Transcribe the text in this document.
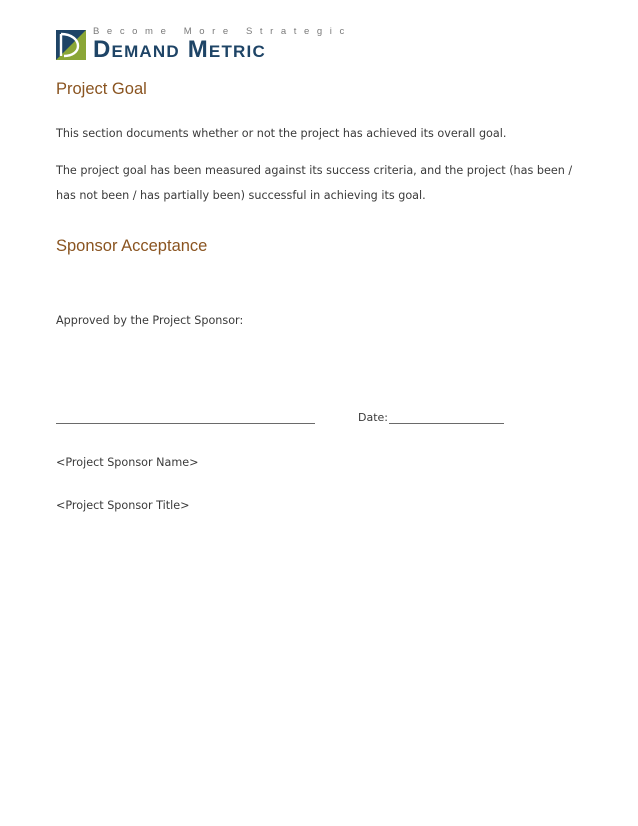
Become More Strategic
Demand Metric
Project Goal
This section documents whether or not the project has achieved its overall goal.
The project goal has been measured against its success criteria, and the project (has been / has not been / has partially been) successful in achieving its goal.
Sponsor Acceptance
Approved by the Project Sponsor:
Date:
<Project Sponsor Name>
<Project Sponsor Title>
